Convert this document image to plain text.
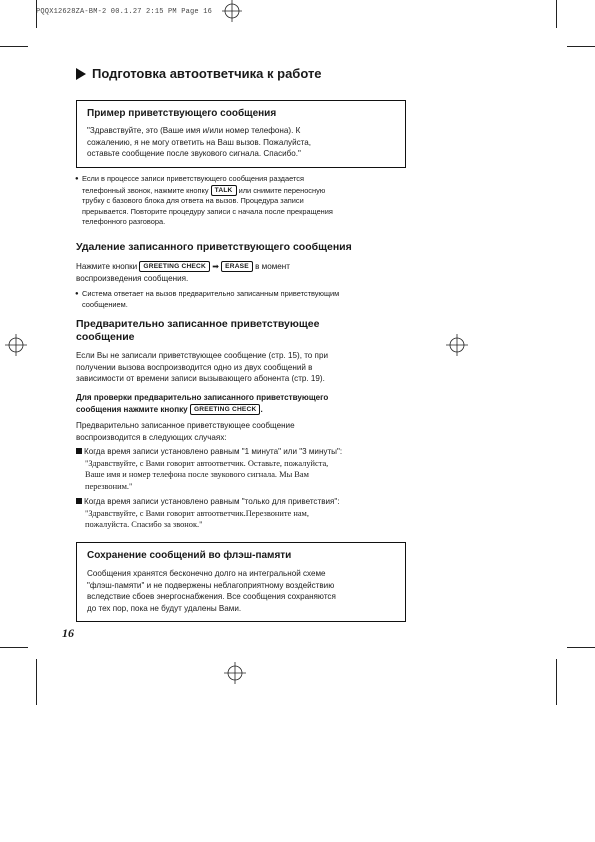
PQQX12628ZA-BM-2 00.1.27 2:15 PM Page 16
Подготовка автоответчика к работе

Пример приветствующего сообщения

"Здравствуйте, это (Ваше имя и/или номер телефона). К

сожалению, я не могу ответить на Ваш вызов. Пожалуйста,

оставьте сообщение после звукового сигнала. Спасибо."

● Если в процессе записи приветствующего сообщения раздается
телефонный звонок, нажмите кнопку TALK или снимите переносную
трубку с базового блока для ответа на вызов. Процедура записи
прерывается. Повторите процедуру записи с начала после прекращения
телефонного разговора.
Удаление записанного приветствующего сообщения
Нажмите кнопки GREETING CHECK ➡ ERASE в момент
воспроизведения сообщения.
● Система ответает на вызов предварительно записанным приветствующим
сообщением.
Предварительно записанное приветствующее
сообщение
Если Вы не записали приветствующее сообщение (стр. 15), то при
получении вызова воспроизводится одно из двух сообщений в
зависимости от времени записи вызывающего абонента (стр. 19).
Для проверки предварительно записанного приветствующего
сообщения нажмите кнопку GREETING CHECK .
Предварительно записанное приветствующее сообщение
воспроизводится в следующих случаях:
Когда время записи установлено равным "1 минута" или "3 минуты":
"Здравствуйте, с Вами говорит автоответчик. Оставьте, пожалуйста,
Ваше имя и номер телефона после звукового сигнала. Мы Вам
перезвоним."
Когда время записи установлено равным "только для приветствия":
"Здравствуйте, с Вами говорит автоответчик.Перезвоните нам,
пожалуйста. Спасибо за звонок."

Сохранение сообщений во флэш-памяти

Сообщения хранятся бесконечно долго на интегральной схеме

"флэш-памяти" и не подвержены неблагоприятному воздействию

вследствие сбоев энергоснабжения. Все сообщения сохраняются

до тех пор, пока не будут удалены Вами.

16
